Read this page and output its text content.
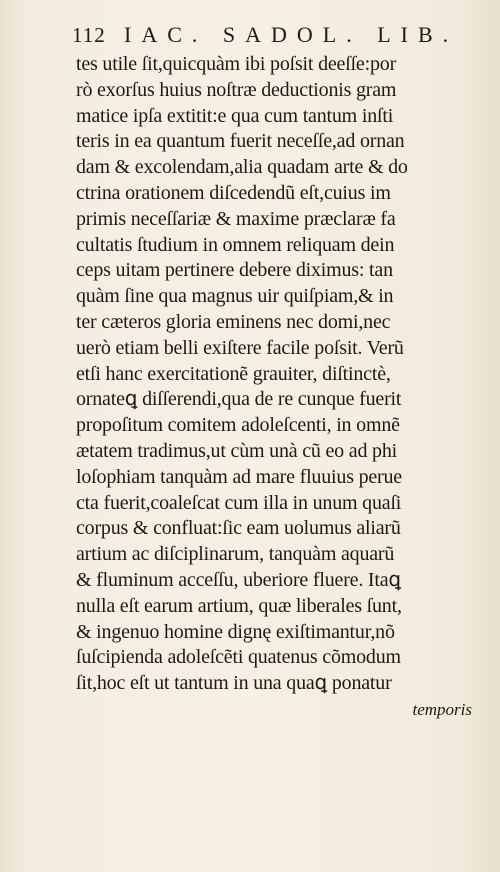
112 IAC. SADOL. LIB.
tes utile ſit,quicquàm ibi poſsit deeſſe:por
rò exorſus huius noſtræ deductionis gram
matice ipſa extitit:e qua cum tantum inſti
teris in ea quantum fuerit neceſſe,ad ornan
dam & excolendam,alia quadam arte & do
ctrina orationem diſcedendũ eſt,cuius im
primis neceſſariæ & maxime præclaræ fa
cultatis ſtudium in omnem reliquam dein
ceps uitam pertinere debere diximus: tan
quàm ſine qua magnus uir quiſpiam,& in
ter cæteros gloria eminens nec domi,nec
uerò etiam belli exiſtere facile poſsit. Verũ
etſi hanc exercitationẽ grauiter, diſtinctè,
ornateꝗ diſſerendi,qua de re cunque fuerit
propoſitum comitem adoleſcenti, in omnẽ
ætatem tradimus,ut cùm unà cũ eo ad phi
loſophiam tanquàm ad mare fluuius perue
cta fuerit,coaleſcat cum illa in unum quaſi
corpus & confluat:ſic eam uolumus aliarũ
artium ac diſciplinarum, tanquàm aquarũ
& fluminum acceſſu, uberiore fluere. Itaꝗ
nulla eſt earum artium, quæ liberales ſunt,
& ingenuo homine dignę exiſtimantur,nõ
ſuſcipienda adoleſcẽti quatenus cõmodum
ſit,hoc eſt ut tantum in una quaꝗ ponatur
temporis
